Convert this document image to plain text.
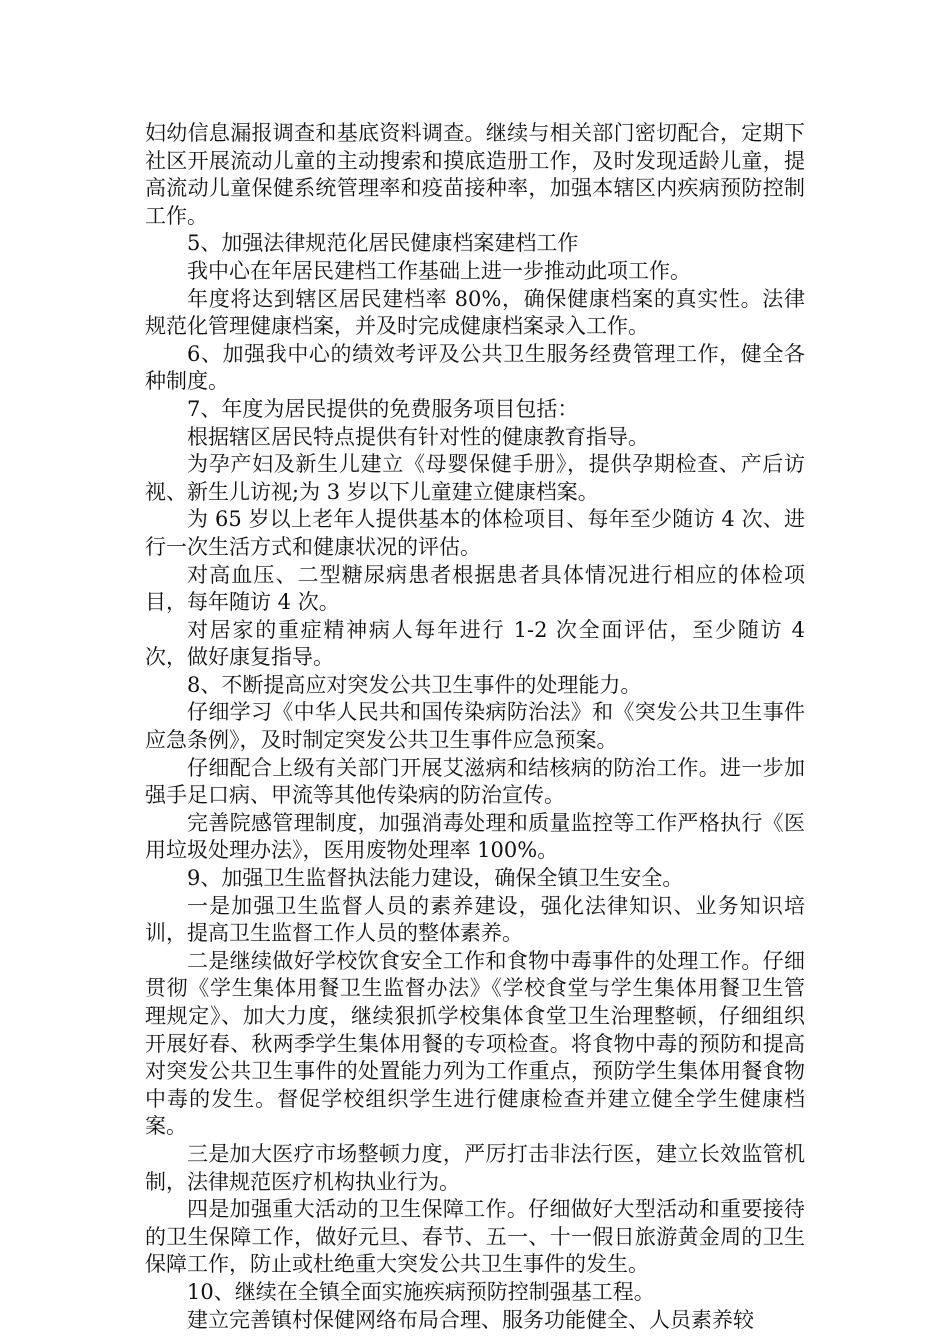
妇幼信息漏报调查和基底资料调查。继续与相关部门密切配合，定期下社区开展流动儿童的主动搜索和摸底造册工作，及时发现适龄儿童，提高流动儿童保健系统管理率和疫苗接种率，加强本辖区内疾病预防控制工作。

5、加强法律规范化居民健康档案建档工作

我中心在年居民建档工作基础上进一步推动此项工作。

年度将达到辖区居民建档率 80%，确保健康档案的真实性。法律规范化管理健康档案，并及时完成健康档案录入工作。

6、加强我中心的绩效考评及公共卫生服务经费管理工作，健全各种制度。

7、年度为居民提供的免费服务项目包括：

根据辖区居民特点提供有针对性的健康教育指导。

为孕产妇及新生儿建立《母婴保健手册》，提供孕期检查、产后访视、新生儿访视;为 3 岁以下儿童建立健康档案。

为 65 岁以上老年人提供基本的体检项目、每年至少随访 4 次、进行一次生活方式和健康状况的评估。

对高血压、二型糖尿病患者根据患者具体情况进行相应的体检项目，每年随访 4 次。

对居家的重症精神病人每年进行 1-2 次全面评估，至少随访 4 次，做好康复指导。

8、不断提高应对突发公共卫生事件的处理能力。

仔细学习《中华人民共和国传染病防治法》和《突发公共卫生事件应急条例》，及时制定突发公共卫生事件应急预案。

仔细配合上级有关部门开展艾滋病和结核病的防治工作。进一步加强手足口病、甲流等其他传染病的防治宣传。

完善院感管理制度，加强消毒处理和质量监控等工作严格执行《医用垃圾处理办法》，医用废物处理率 100%。

9、加强卫生监督执法能力建设，确保全镇卫生安全。

一是加强卫生监督人员的素养建设，强化法律知识、业务知识培训，提高卫生监督工作人员的整体素养。

二是继续做好学校饮食安全工作和食物中毒事件的处理工作。仔细贯彻《学生集体用餐卫生监督办法》《学校食堂与学生集体用餐卫生管理规定》、加大力度，继续狠抓学校集体食堂卫生治理整顿，仔细组织开展好春、秋两季学生集体用餐的专项检查。将食物中毒的预防和提高对突发公共卫生事件的处置能力列为工作重点，预防学生集体用餐食物中毒的发生。督促学校组织学生进行健康检查并建立健全学生健康档案。

三是加大医疗市场整顿力度，严厉打击非法行医，建立长效监管机制，法律规范医疗机构执业行为。

四是加强重大活动的卫生保障工作。仔细做好大型活动和重要接待的卫生保障工作，做好元旦、春节、五一、十一假日旅游黄金周的卫生保障工作，防止或杜绝重大突发公共卫生事件的发生。

10、继续在全镇全面实施疾病预防控制强基工程。

建立完善镇村保健网络布局合理、服务功能健全、人员素养较
